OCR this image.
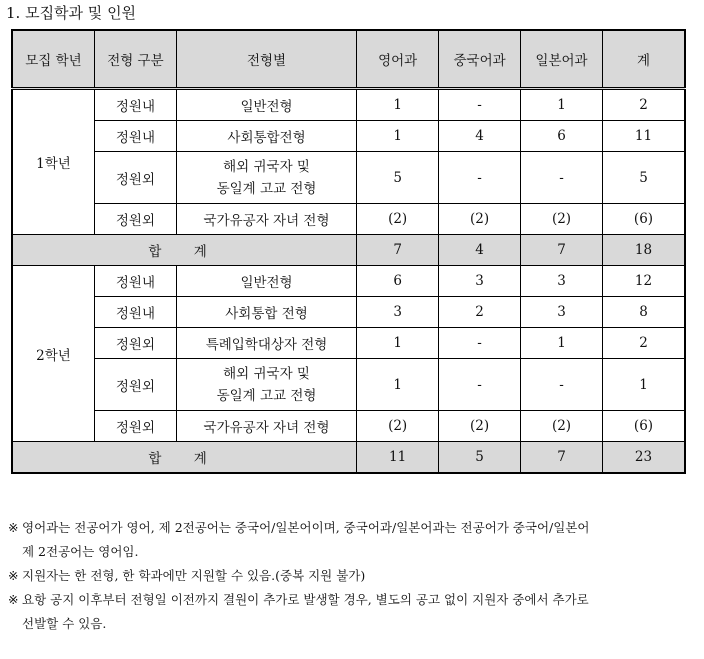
1. 모집학과 및 인원
모집 학년	전형 구분	전형별	영어과	중국어과	일본어과	계
1학년	정원내	일반전형	1	-	1	2
	정원내	사회통합전형	1	4	6	11
	정원외	해외 귀국자 및
동일계 고교 전형	5	-	-	5
	정원외	국가유공자 자녀 전형	(2)	(2)	(2)	(6)
합 계			7	4	7	18
2학년	정원내	일반전형	6	3	3	12
	정원내	사회통합 전형	3	2	3	8
	정원외	특례입학대상자 전형	1	-	1	2
	정원외	해외 귀국자 및
동일계 고교 전형	1	-	-	1
	정원외	국가유공자 자녀 전형	(2)	(2)	(2)	(6)
합 계			11	5	7	23
※ 영어과는 전공어가 영어, 제 2전공어는 중국어/일본어이며, 중국어과/일본어과는 전공어가 중국어/일본어
제 2전공어는 영어임.
※ 지원자는 한 전형, 한 학과에만 지원할 수 있음.(중복 지원 불가)
※ 요항 공지 이후부터 전형일 이전까지 결원이 추가로 발생할 경우, 별도의 공고 없이 지원자 중에서 추가로
선발할 수 있음.
